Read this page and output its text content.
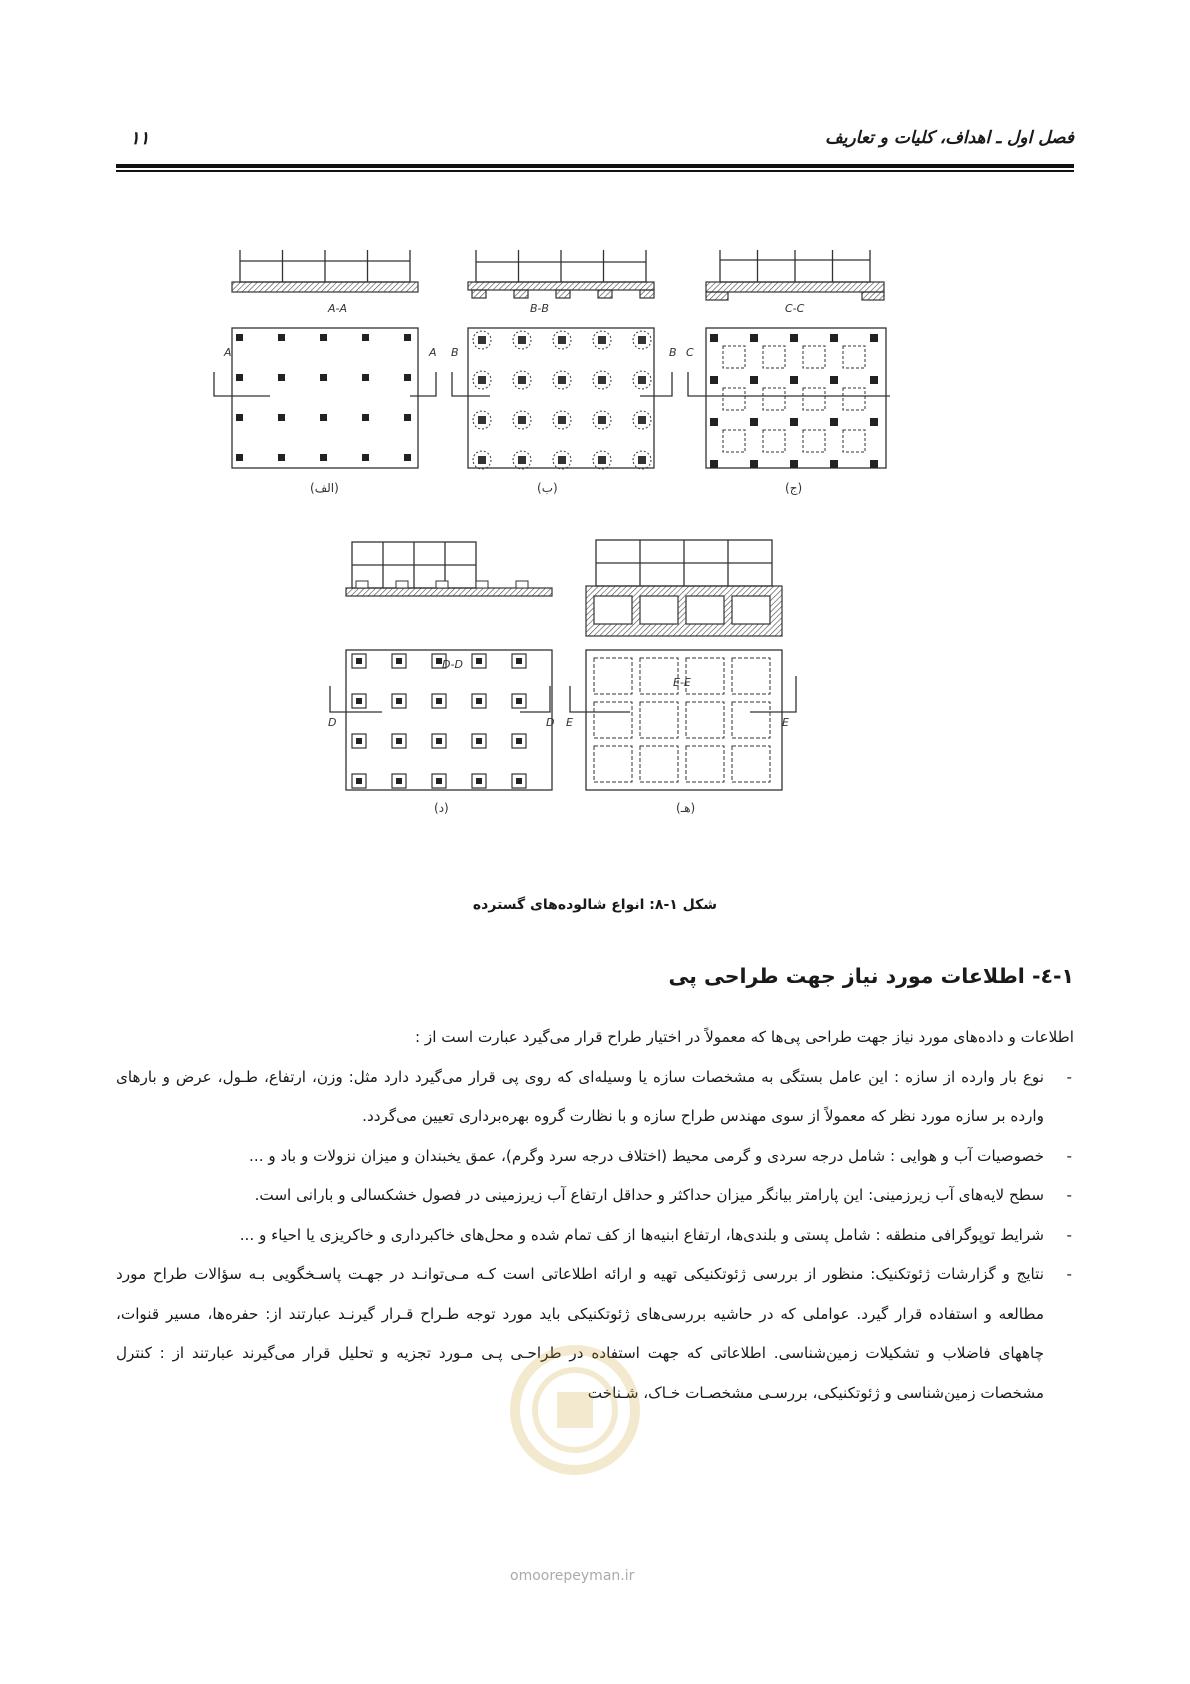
فصل اول ـ اهداف، کلیات و تعاریف
۱۱
A-A	B-B	C-C
D-D
E-E
A	A B	B C
D	D E	E
(الف)	(ب)	(ج)
(د)	(هـ)
شکل ۱-۸: انواع شالوده‌های گسترده
۱-٤- اطلاعات مورد نیاز جهت طراحی پی

اطلاعات و داده‌های مورد نیاز جهت طراحی پی‌ها که معمولاً در اختیار طراح قرار می‌گیرد عبارت است از :

-
نوع بار وارده از سازه : این عامل بستگی به مشخصات سازه یا وسیله‌ای که روی پی قرار می‌گیرد دارد مثل: وزن، ارتفاع، طـول، عرض و بارهای وارده بر سازه مورد نظر که معمولاً از سوی مهندس طراح سازه و با نظارت گروه بهره‌برداری تعیین می‌گردد.

-
خصوصیات آب و هوایی : شامل درجه سردی و گرمی محیط (اختلاف درجه سرد وگرم)، عمق یخبندان و میزان نزولات و باد و ...

-
سطح لایه‌های آب زیرزمینی: این پارامتر بیانگر میزان حداکثر و حداقل ارتفاع آب زیرزمینی در فصول خشکسالی و بارانی است.

-
شرایط توپوگرافی منطقه : شامل پستی و بلندی‌ها، ارتفاع ابنیه‌ها از کف تمام شده و محل‌های خاکبرداری و خاکریزی یا احیاء و ...

-
نتایج و گزارشات ژئوتکنیک: منظور از بررسی ژئوتکنیکی تهیه و ارائه اطلاعاتی است کـه مـی‌توانـد در جهـت پاسـخگویی بـه سؤالات طراح مورد مطالعه و استفاده قرار گیرد. عواملی که در حاشیه بررسی‌های ژئوتکنیکی باید مورد توجه طـراح قـرار گیرنـد عبارتند از: حفره‌ها، مسیر قنوات، چاههای فاضلاب و تشکیلات زمین‌شناسی. اطلاعاتی که جهت استفاده در طراحـی پـی مـورد تجزیه و تحلیل قرار می‌گیرند عبارتند از : کنترل مشخصات زمین‌شناسی و ژئوتکنیکی، بررسـی مشخصـات خـاک، شـناخت

omoorepeyman.ir
